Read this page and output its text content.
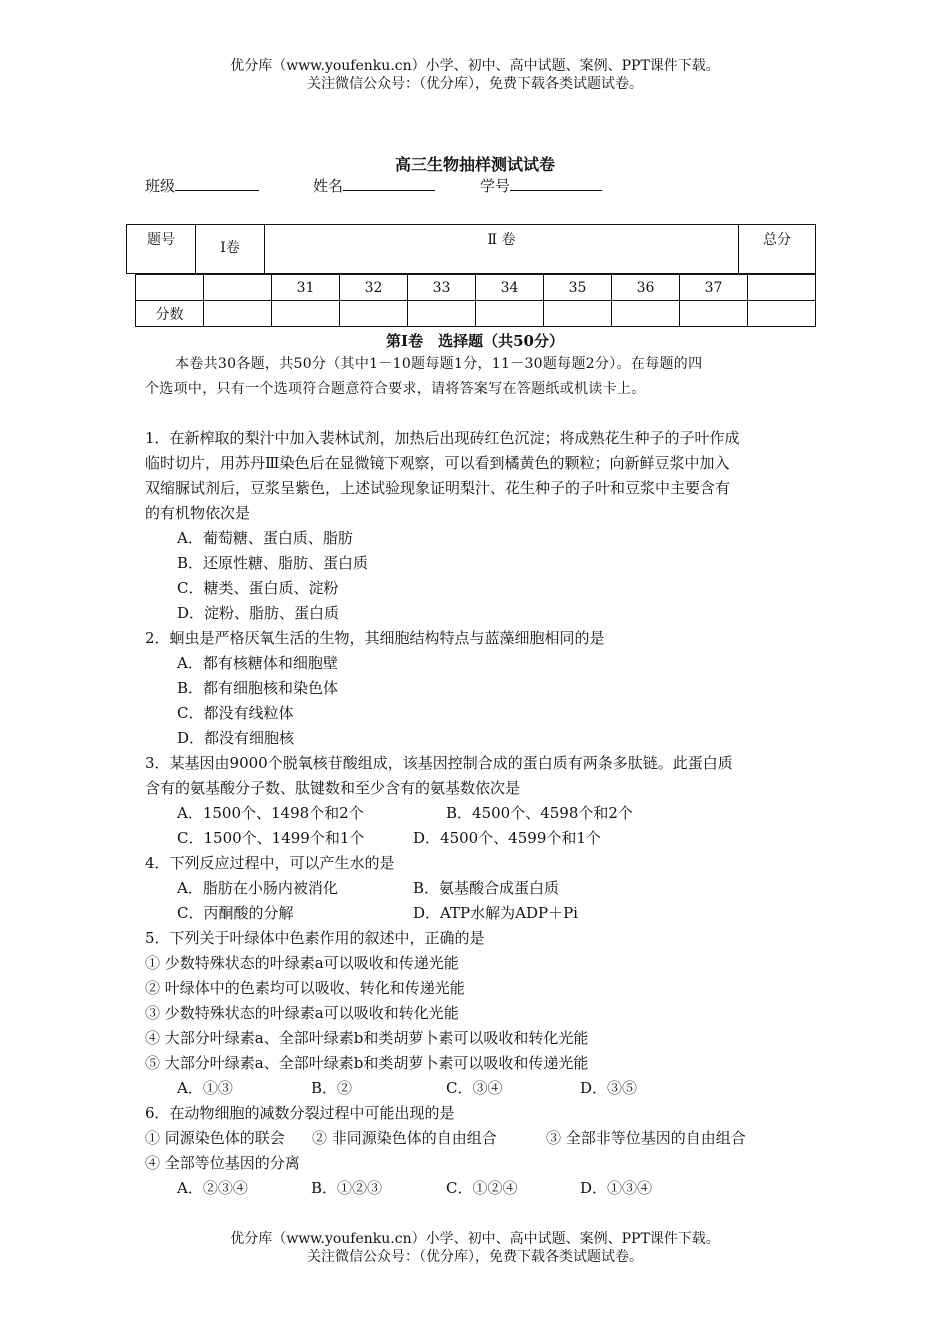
优分库（www.youfenku.cn）小学、初中、高中试题、案例、PPT课件下载。
关注微信公众号：（优分库），免费下载各类试题试卷。
高三生物抽样测试试卷
班级	姓名	学号
题号	Ⅰ卷	Ⅱ 卷	总分
		31	32	33	34	35	36	37	
分数									
第Ⅰ卷　选择题（共50分）
本卷共30各题，共50分（其中1－10题每题1分，11－30题每题2分）。在每题的四
个选项中，只有一个选项符合题意符合要求，请将答案写在答题纸或机读卡上。
1．在新榨取的梨汁中加入裴林试剂，加热后出现砖红色沉淀；将成熟花生种子的子叶作成
临时切片，用苏丹Ⅲ染色后在显微镜下观察，可以看到橘黄色的颗粒；向新鲜豆浆中加入
双缩脲试剂后，豆浆呈紫色，上述试验现象证明梨汁、花生种子的子叶和豆浆中主要含有
的有机物依次是
A．葡萄糖、蛋白质、脂肪
B．还原性糖、脂肪、蛋白质
C．糖类、蛋白质、淀粉
D．淀粉、脂肪、蛋白质
2．蛔虫是严格厌氧生活的生物，其细胞结构特点与蓝藻细胞相同的是
A．都有核糖体和细胞壁
B．都有细胞核和染色体
C．都没有线粒体
D．都没有细胞核
3．某基因由9000个脱氧核苷酸组成，该基因控制合成的蛋白质有两条多肽链。此蛋白质
含有的氨基酸分子数、肽键数和至少含有的氨基数依次是
A．1500个、1498个和2个	B．4500个、4598个和2个
C．1500个、1499个和1个	D．4500个、4599个和1个
4．下列反应过程中，可以产生水的是
A．脂肪在小肠内被消化	B．氨基酸合成蛋白质
C．丙酮酸的分解	D．ATP水解为ADP＋Pi
5．下列关于叶绿体中色素作用的叙述中，正确的是
① 少数特殊状态的叶绿素a可以吸收和传递光能
② 叶绿体中的色素均可以吸收、转化和传递光能
③ 少数特殊状态的叶绿素a可以吸收和转化光能
④ 大部分叶绿素a、全部叶绿素b和类胡萝卜素可以吸收和转化光能
⑤ 大部分叶绿素a、全部叶绿素b和类胡萝卜素可以吸收和传递光能
A．①③	B．②	C．③④	D．③⑤
6．在动物细胞的减数分裂过程中可能出现的是
① 同源染色体的联会 ② 非同源染色体的自由组合	③ 全部非等位基因的自由组合
④ 全部等位基因的分离
A．②③④	B．①②③	C．①②④	D．①③④
优分库（www.youfenku.cn）小学、初中、高中试题、案例、PPT课件下载。
关注微信公众号：（优分库），免费下载各类试题试卷。
